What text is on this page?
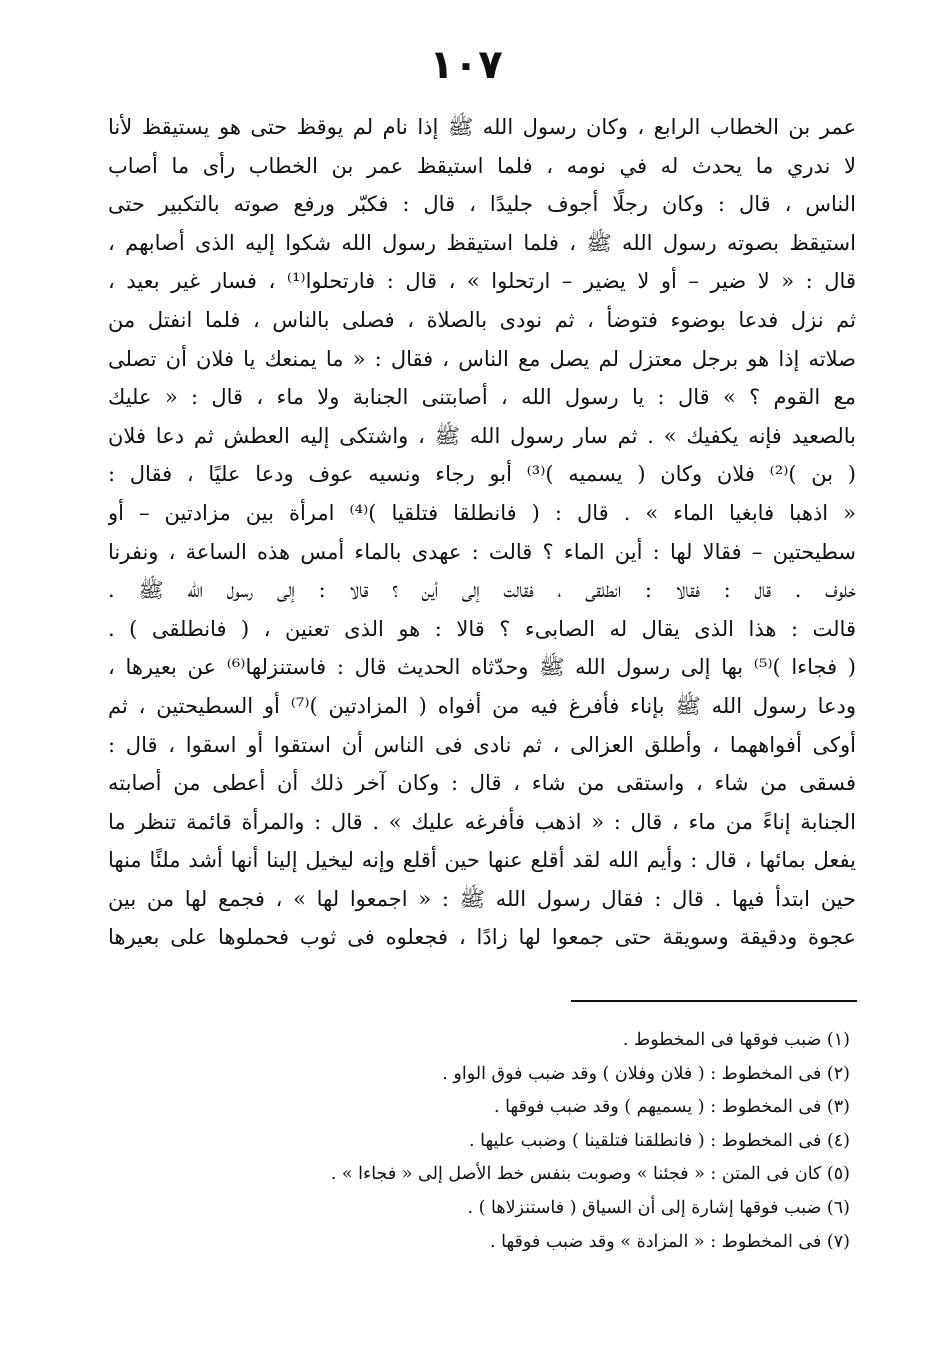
١٠٧
عمر بن الخطاب الرابع ، وكان رسول الله ﷺ إذا نام لم يوقظ حتى هو يستيقظ لأنا
لا ندري ما يحدث له في نومه ، فلما استيقظ عمر بن الخطاب رأى ما أصاب
الناس ، قال : وكان رجلًا أجوف جليدًا ، قال : فكبّر ورفع صوته بالتكبير حتى
استيقظ بصوته رسول الله ﷺ ، فلما استيقظ رسول الله شكوا إليه الذى أصابهم ،
قال : « لا ضير – أو لا يضير – ارتحلوا » ، قال : فارتحلوا⁽¹⁾ ، فسار غير بعيد ،
ثم نزل فدعا بوضوء فتوضأ ، ثم نودى بالصلاة ، فصلى بالناس ، فلما انفتل من
صلاته إذا هو برجل معتزل لم يصل مع الناس ، فقال : « ما يمنعك يا فلان أن تصلى
مع القوم ؟ » قال : يا رسول الله ، أصابتنى الجنابة ولا ماء ، قال : « عليك
بالصعيد فإنه يكفيك » . ثم سار رسول الله ﷺ ، واشتكى إليه العطش ثم دعا فلان
( بن )⁽²⁾ فلان وكان ( يسميه )⁽³⁾ أبو رجاء ونسيه عوف ودعا عليًا ، فقال :
« اذهبا فابغيا الماء » . قال : ( فانطلقا فتلقيا )⁽⁴⁾ امرأة بين مزادتين – أو
سطيحتين – فقالا لها : أين الماء ؟ قالت : عهدى بالماء أمس هذه الساعة ، ونفرنا
خلوف . قال : فقالا : انطلقى ، فقالت إلى أين ؟ قالا : إلى رسول الله ﷺ .
قالت : هذا الذى يقال له الصابىء ؟ قالا : هو الذى تعنين ، ( فانطلقى ) .
( فجاءا )⁽⁵⁾ بها إلى رسول الله ﷺ وحدّثاه الحديث قال : فاستنزلها⁽⁶⁾ عن بعيرها ،
ودعا رسول الله ﷺ بإناء فأفرغ فيه من أفواه ( المزادتين )⁽⁷⁾ أو السطيحتين ، ثم
أوكى أفواههما ، وأطلق العزالى ، ثم نادى فى الناس أن استقوا أو اسقوا ، قال :
فسقى من شاء ، واستقى من شاء ، قال : وكان آخر ذلك أن أعطى من أصابته
الجنابة إناءً من ماء ، قال : « اذهب فأفرغه عليك » . قال : والمرأة قائمة تنظر ما
يفعل بمائها ، قال : وأيم الله لقد أقلع عنها حين أقلع وإنه ليخيل إلينا أنها أشد ملئًا منها
حين ابتدأ فيها . قال : فقال رسول الله ﷺ : « اجمعوا لها » ، فجمع لها من بين
عجوة ودقيقة وسويقة حتى جمعوا لها زادًا ، فجعلوه فى ثوب فحملوها على بعيرها
(١) ضبب فوقها فى المخطوط .
(٢) فى المخطوط : ( فلان وفلان ) وقد ضبب فوق الواو .
(٣) فى المخطوط : ( يسميهم ) وقد ضبب فوقها .
(٤) فى المخطوط : ( فانطلقنا فتلقينا ) وضبب عليها .
(٥) كان فى المتن : « فجئنا » وصوبت بنفس خط الأصل إلى « فجاءا » .
(٦) ضبب فوقها إشارة إلى أن السياق ( فاستنزلاها ) .
(٧) فى المخطوط : « المزادة » وقد ضبب فوقها .
